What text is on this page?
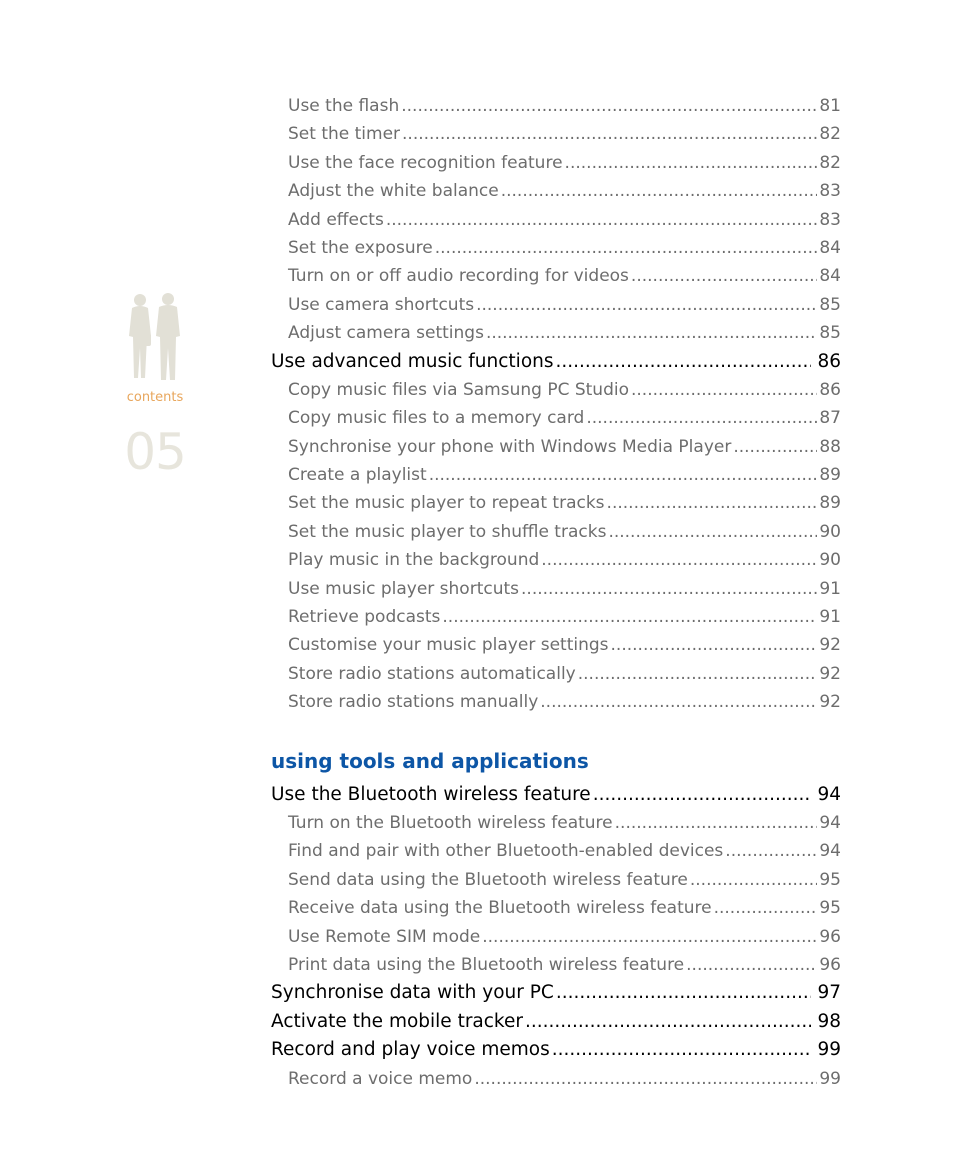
contents
05
Use the flash .....	81
Set the timer .....	82
Use the face recognition feature .....	82
Adjust the white balance .....	83
Add effects .....	83
Set the exposure .....	84
Turn on or off audio recording for videos .....	84
Use camera shortcuts .....	85
Adjust camera settings .....	85
Use advanced music functions .....	86
Copy music files via Samsung PC Studio .....	86
Copy music files to a memory card .....	87
Synchronise your phone with Windows Media Player .....	88
Create a playlist .....	89
Set the music player to repeat tracks .....	89
Set the music player to shuffle tracks .....	90
Play music in the background .....	90
Use music player shortcuts .....	91
Retrieve podcasts .....	91
Customise your music player settings .....	92
Store radio stations automatically .....	92
Store radio stations manually .....	92
using tools and applications
Use the Bluetooth wireless feature .....	94
Turn on the Bluetooth wireless feature .....	94
Find and pair with other Bluetooth-enabled devices .....	94
Send data using the Bluetooth wireless feature .....	95
Receive data using the Bluetooth wireless feature .....	95
Use Remote SIM mode .....	96
Print data using the Bluetooth wireless feature .....	96
Synchronise data with your PC .....	97
Activate the mobile tracker .....	98
Record and play voice memos .....	99
Record a voice memo .....	99
